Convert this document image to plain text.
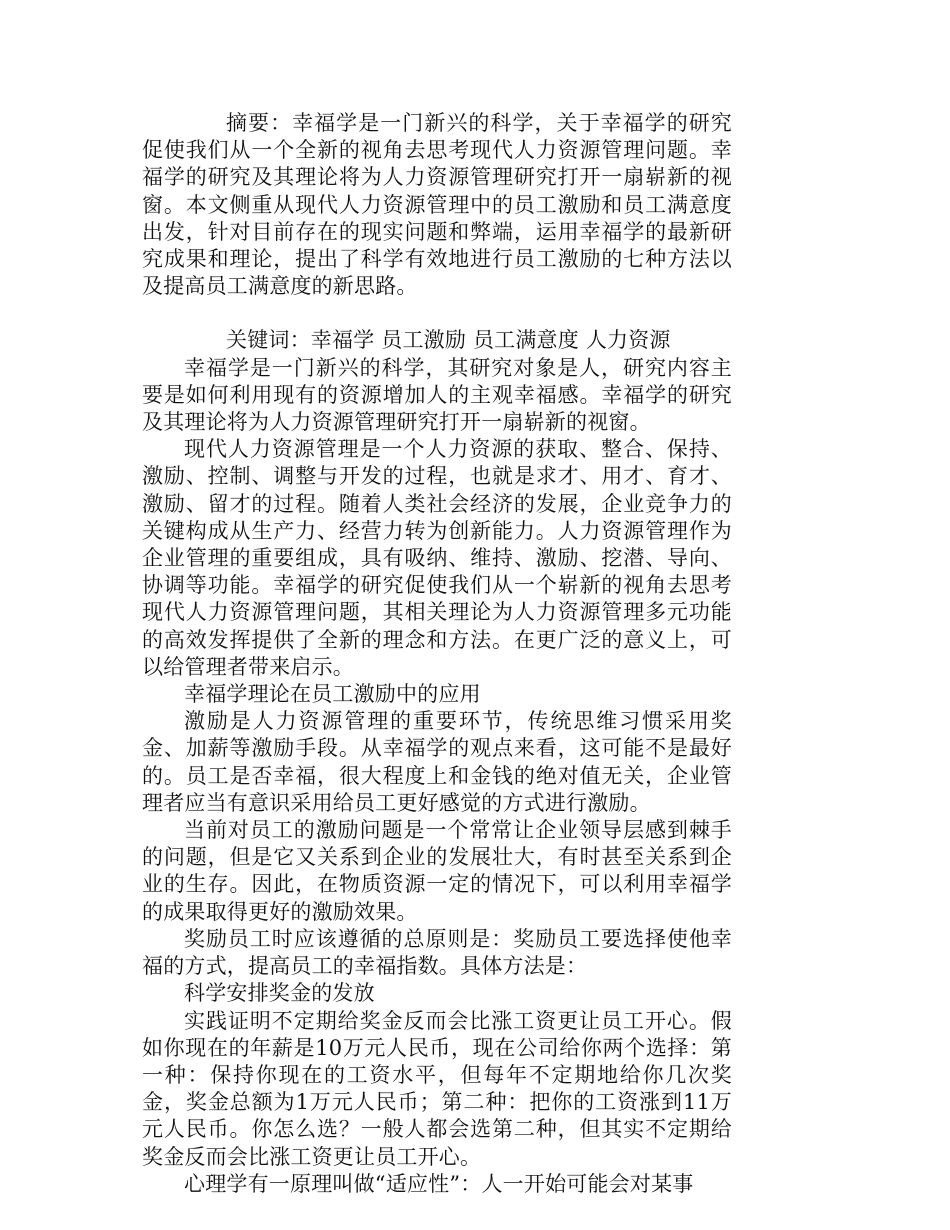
摘要：幸福学是一门新兴的科学，关于幸福学的研究促使我们从一个全新的视角去思考现代人力资源管理问题。幸福学的研究及其理论将为人力资源管理研究打开一扇崭新的视窗。本文侧重从现代人力资源管理中的员工激励和员工满意度出发，针对目前存在的现实问题和弊端，运用幸福学的最新研究成果和理论，提出了科学有效地进行员工激励的七种方法以及提高员工满意度的新思路。

关键词：幸福学 员工激励 员工满意度 人力资源

幸福学是一门新兴的科学，其研究对象是人，研究内容主要是如何利用现有的资源增加人的主观幸福感。幸福学的研究及其理论将为人力资源管理研究打开一扇崭新的视窗。

现代人力资源管理是一个人力资源的获取、整合、保持、激励、控制、调整与开发的过程，也就是求才、用才、育才、激励、留才的过程。随着人类社会经济的发展，企业竞争力的关键构成从生产力、经营力转为创新能力。人力资源管理作为企业管理的重要组成，具有吸纳、维持、激励、挖潜、导向、协调等功能。幸福学的研究促使我们从一个崭新的视角去思考现代人力资源管理问题，其相关理论为人力资源管理多元功能的高效发挥提供了全新的理念和方法。在更广泛的意义上，可以给管理者带来启示。

幸福学理论在员工激励中的应用

激励是人力资源管理的重要环节，传统思维习惯采用奖金、加薪等激励手段。从幸福学的观点来看，这可能不是最好的。员工是否幸福，很大程度上和金钱的绝对值无关，企业管理者应当有意识采用给员工更好感觉的方式进行激励。

当前对员工的激励问题是一个常常让企业领导层感到棘手的问题，但是它又关系到企业的发展壮大，有时甚至关系到企业的生存。因此，在物质资源一定的情况下，可以利用幸福学的成果取得更好的激励效果。

奖励员工时应该遵循的总原则是：奖励员工要选择使他幸福的方式，提高员工的幸福指数。具体方法是：

科学安排奖金的发放

实践证明不定期给奖金反而会比涨工资更让员工开心。假如你现在的年薪是10万元人民币，现在公司给你两个选择：第一种：保持你现在的工资水平，但每年不定期地给你几次奖金，奖金总额为1万元人民币；第二种：把你的工资涨到11万元人民币。你怎么选？一般人都会选第二种，但其实不定期给奖金反而会比涨工资更让员工开心。

心理学有一原理叫做“适应性”：人一开始可能会对某事
